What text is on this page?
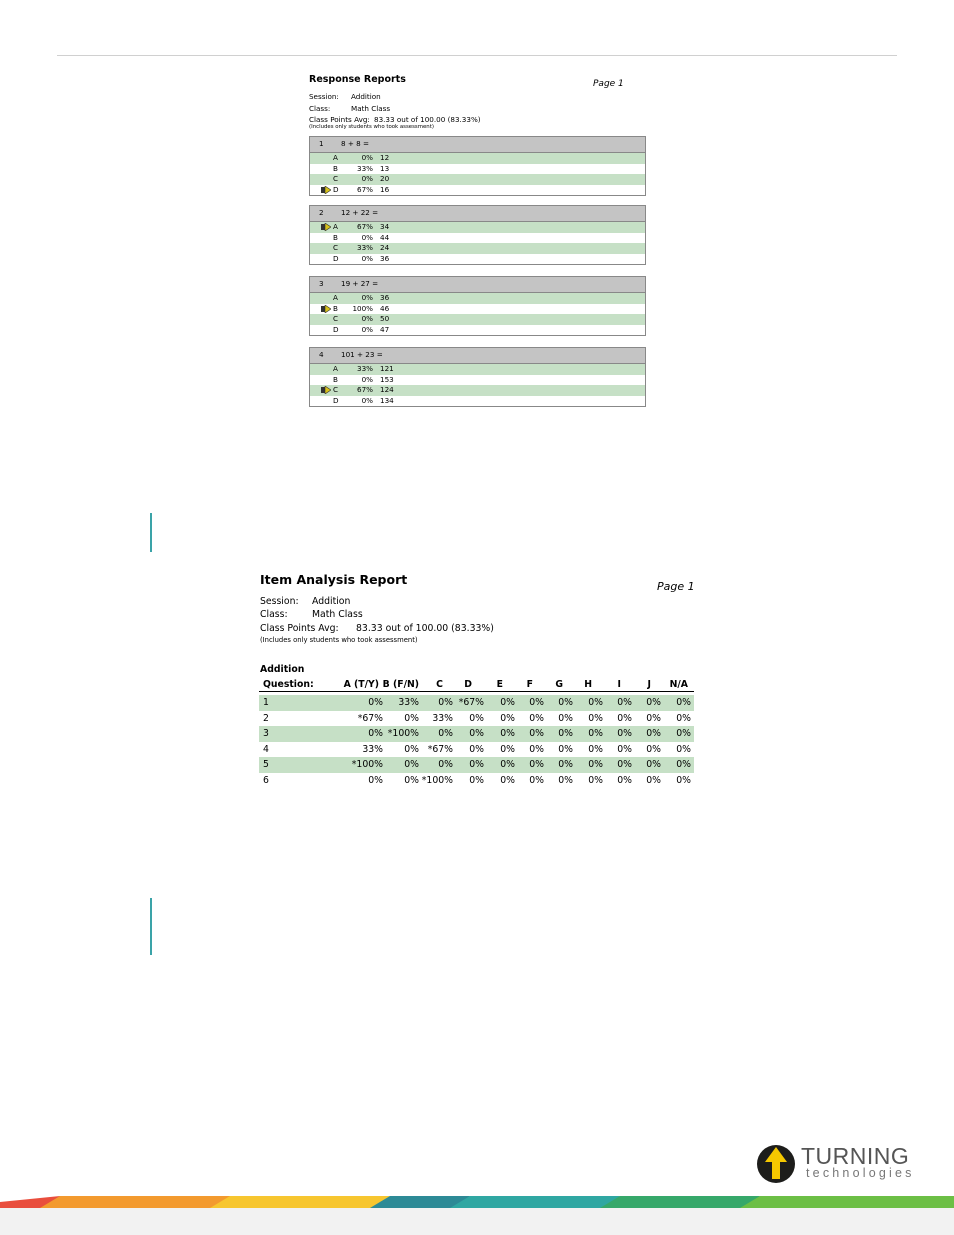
Response Reports	Page 1
Session: Addition
Class:	Math Class
Class Points Avg: 83.33 out of 100.00 (83.33%)
(Includes only students who took assessment)
1 8 + 8 =
A	0% 12
B	33% 13
C	0% 20
D	67% 16
2 12 + 22 =
A	67% 34
B	0% 44
C	33% 24
D	0% 36
3 19 + 27 =
A	0% 36
B	100% 46
C	0% 50
D	0% 47
4 101 + 23 =
A	33% 121
B	0% 153
C	67% 124
D	0% 134
Item Analysis Report	Page 1
Session: Addition
Class:	Math Class
Class Points Avg: 83.33 out of 100.00 (83.33%)
(Includes only students who took assessment)
Addition
Question:	A (T/Y) B (F/N) C D	E	F G H	I	J N/A
1	0% 33% 0% *67% 0% 0% 0% 0% 0% 0% 0%
2	*67% 0% 33% 0% 0% 0% 0% 0% 0% 0% 0%
3	0% *100% 0% 0% 0% 0% 0% 0% 0% 0% 0%
4	33% 0% *67% 0% 0% 0% 0% 0% 0% 0% 0%
5	*100% 0% 0% 0% 0% 0% 0% 0% 0% 0% 0%
6	0% 0% *100% 0% 0% 0% 0% 0% 0% 0% 0%
TURNING
technologies
